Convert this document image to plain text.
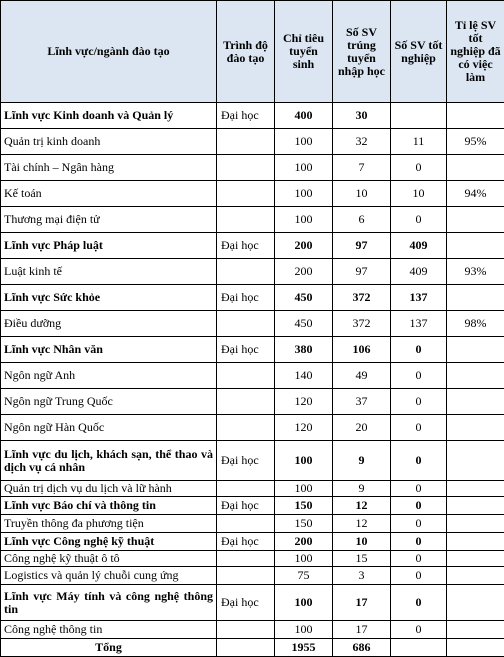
Lĩnh vực/ngành đào tạo	Trình độ đào tạo	Chỉ tiêu tuyển sinh	Số SV trúng tuyển nhập học	Số SV tốt nghiệp	Tỉ lệ SV tốt nghiệp đã có việc làm
Lĩnh vực Kinh doanh và Quản lý	Đại học	400	30		
Quản trị kinh doanh		100	32	11	95%
Tài chính – Ngân hàng		100	7	0	
Kế toán		100	10	10	94%
Thương mại điện tử		100	6	0	
Lĩnh vực Pháp luật	Đại học	200	97	409	
Luật kinh tế		200	97	409	93%
Lĩnh vực Sức khỏe	Đại học	450	372	137	
Điều dưỡng		450	372	137	98%
Lĩnh vực Nhân văn	Đại học	380	106	0	
Ngôn ngữ Anh		140	49	0	
Ngôn ngữ Trung Quốc		120	37	0	
Ngôn ngữ Hàn Quốc		120	20	0	
Lĩnh vực du lịch, khách sạn, thể thao và dịch vụ cá nhân	Đại học	100	9	0	
Quản trị dịch vụ du lịch và lữ hành		100	9	0	
Lĩnh vực Báo chí và thông tin	Đại học	150	12	0	
Truyền thông đa phương tiện		150	12	0	
Lĩnh vực Công nghệ kỹ thuật	Đại học	200	10	0	
Công nghệ kỹ thuật ô tô		100	15	0	
Logistics và quản lý chuỗi cung ứng		75	3	0	
Lĩnh vực Máy tính và công nghệ thông tin	Đại học	100	17	0	
Công nghệ thông tin		100	17	0	
Tổng		1955	686		
